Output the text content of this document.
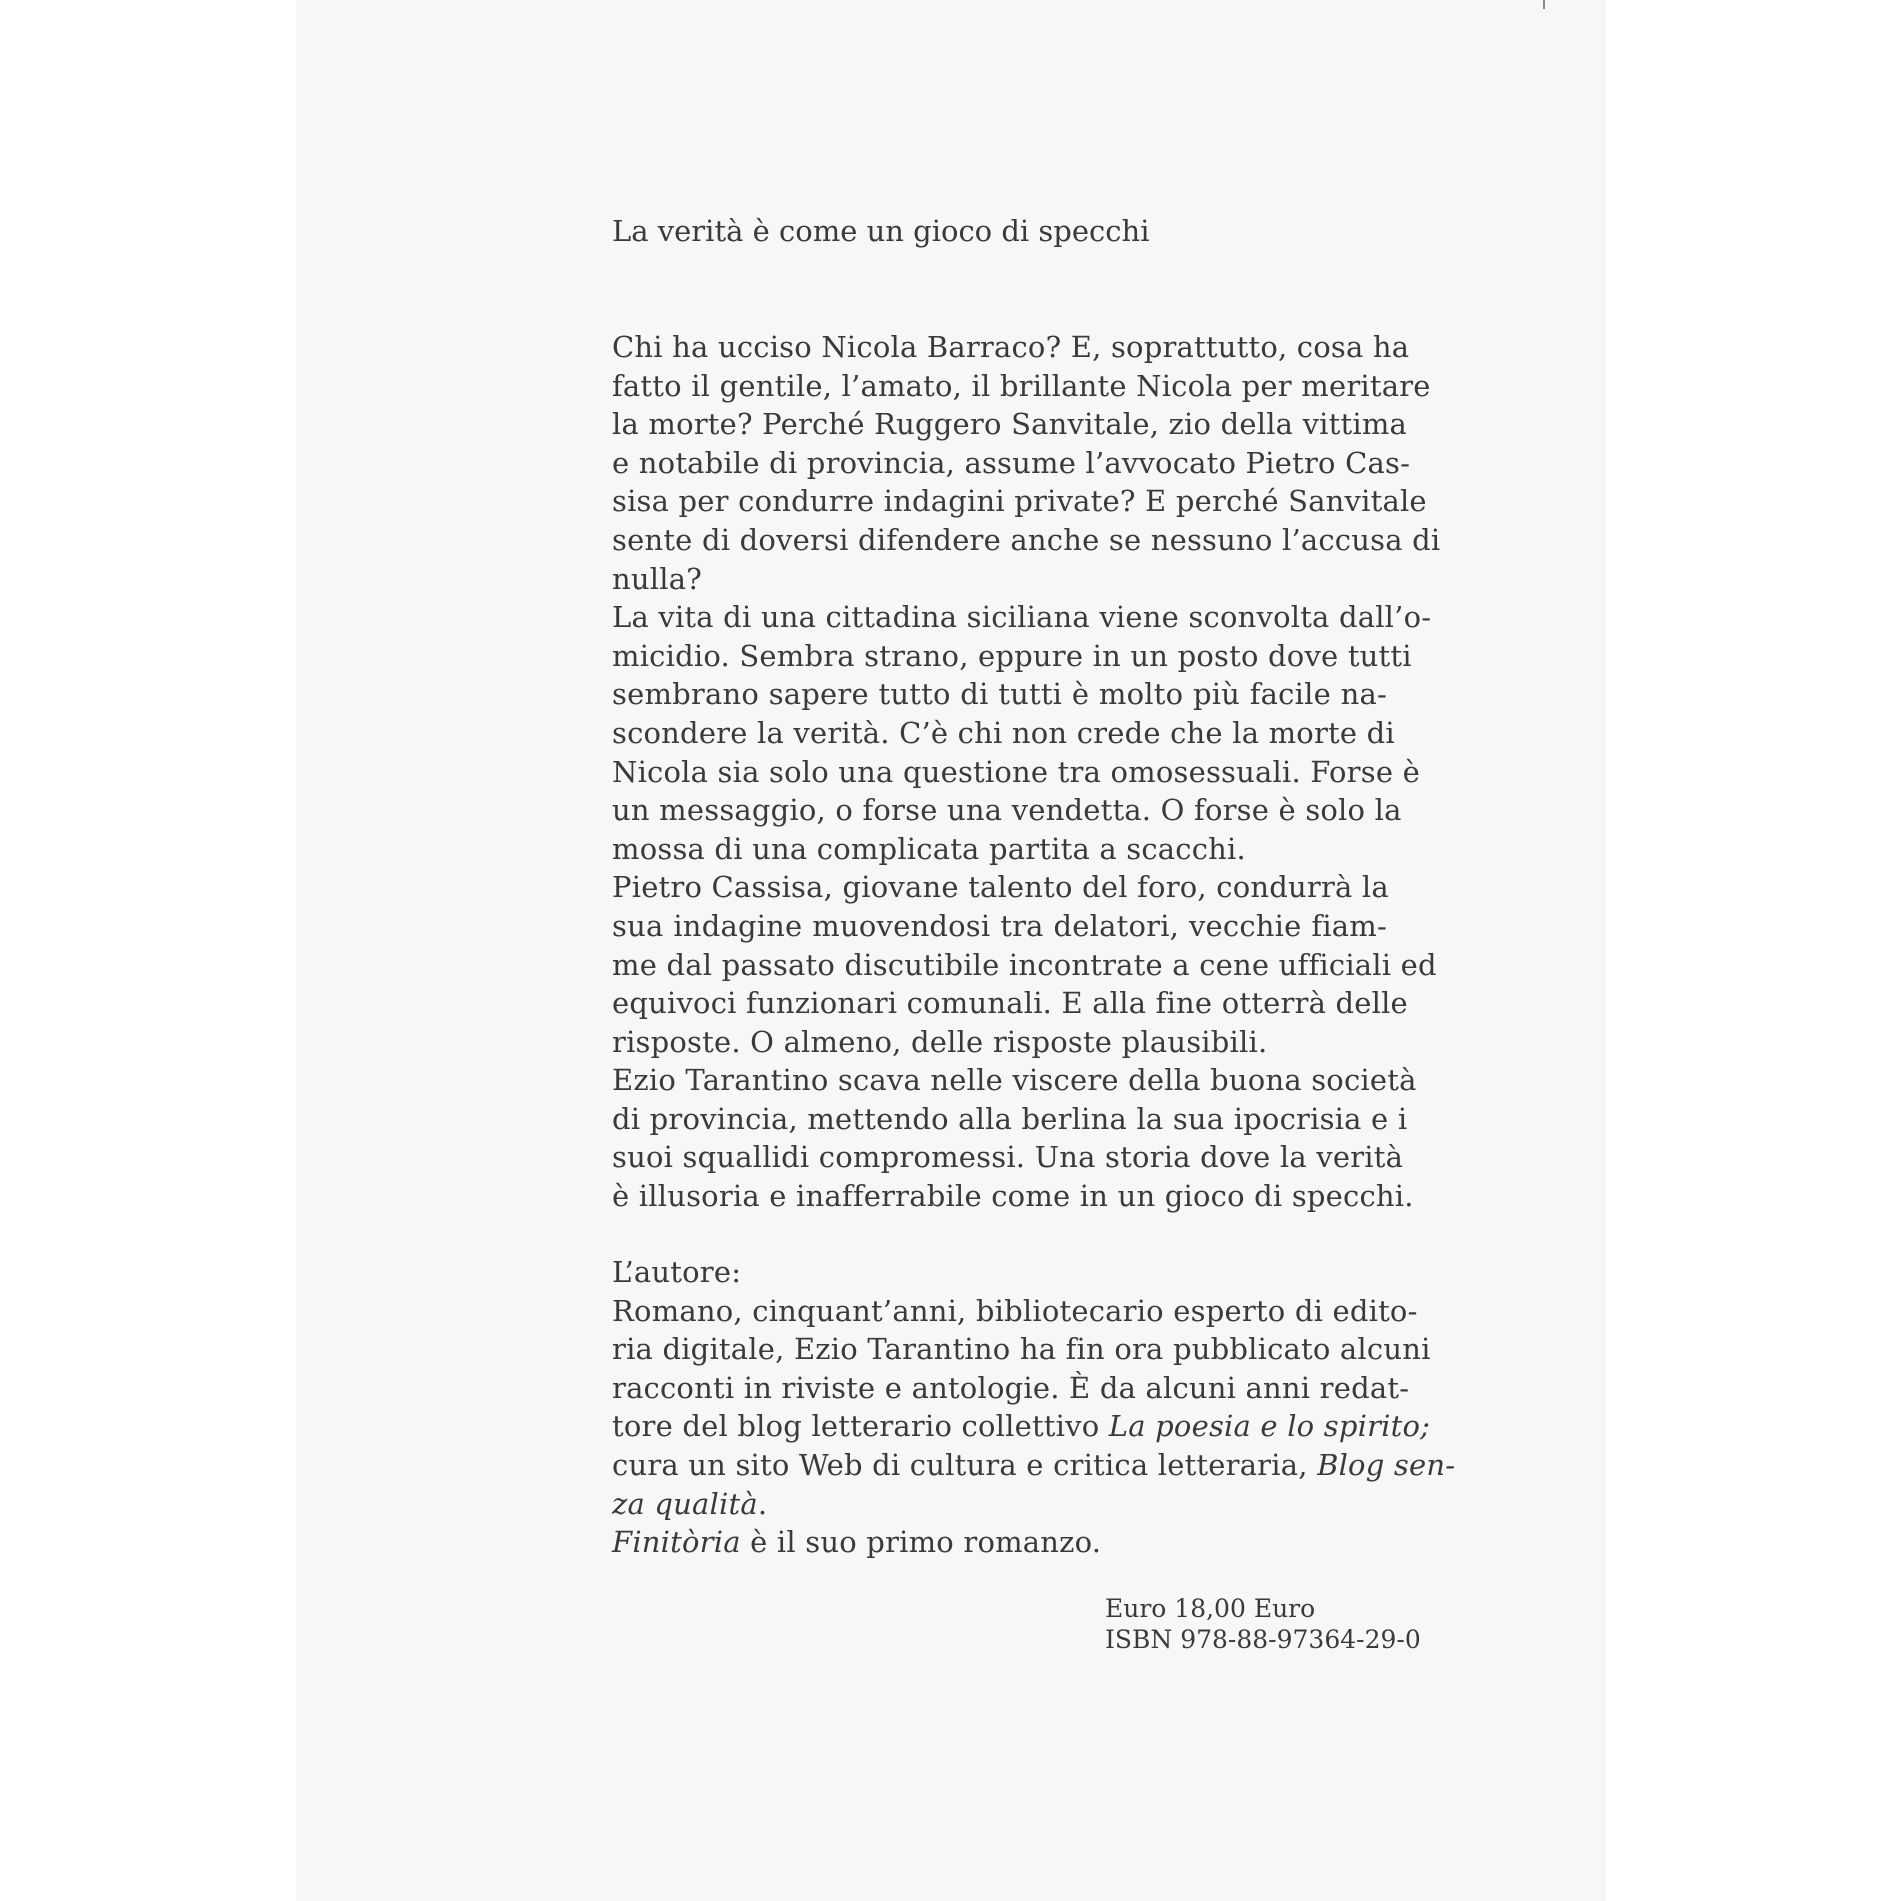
La verità è come un gioco di specchi
Chi ha ucciso Nicola Barraco? E, soprattutto, cosa ha
fatto il gentile, l’amato, il brillante Nicola per meritare
la morte? Perché Ruggero Sanvitale, zio della vittima
e notabile di provincia, assume l’avvocato Pietro Cas-
sisa per condurre indagini private? E perché Sanvitale
sente di doversi difendere anche se nessuno l’accusa di
nulla?
La vita di una cittadina siciliana viene sconvolta dall’o-
micidio. Sembra strano, eppure in un posto dove tutti
sembrano sapere tutto di tutti è molto più facile na-
scondere la verità. C’è chi non crede che la morte di
Nicola sia solo una questione tra omosessuali. Forse è
un messaggio, o forse una vendetta. O forse è solo la
mossa di una complicata partita a scacchi.
Pietro Cassisa, giovane talento del foro, condurrà la
sua indagine muovendosi tra delatori, vecchie fiam-
me dal passato discutibile incontrate a cene ufficiali ed
equivoci funzionari comunali. E alla fine otterrà delle
risposte. O almeno, delle risposte plausibili.
Ezio Tarantino scava nelle viscere della buona società
di provincia, mettendo alla berlina la sua ipocrisia e i
suoi squallidi compromessi. Una storia dove la verità
è illusoria e inafferrabile come in un gioco di specchi.
L’autore:
Romano, cinquant’anni, bibliotecario esperto di edito-
ria digitale, Ezio Tarantino ha fin ora pubblicato alcuni
racconti in riviste e antologie. È da alcuni anni redat-
tore del blog letterario collettivo La poesia e lo spirito;
cura un sito Web di cultura e critica letteraria, Blog sen-
za qualità.
Finitòria è il suo primo romanzo.
Euro 18,00 Euro
ISBN 978-88-97364-29-0
